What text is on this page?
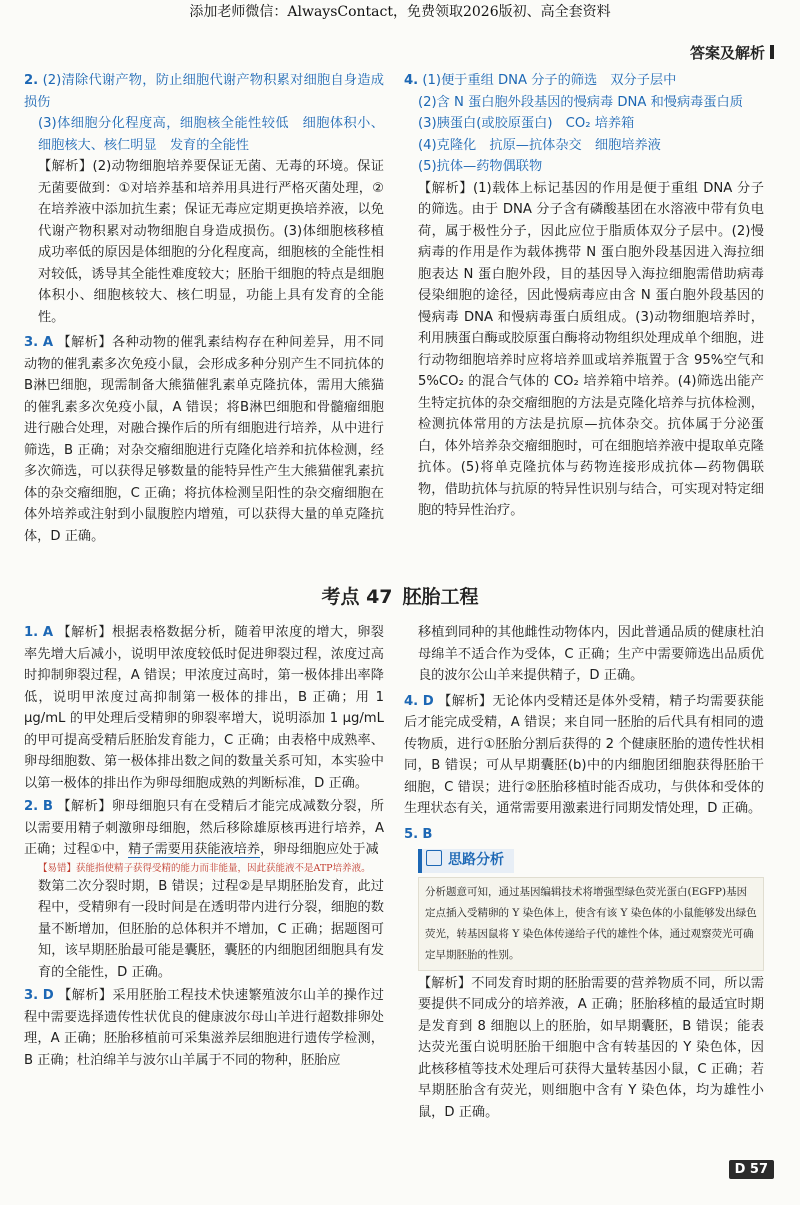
添加老师微信：AlwaysContact，免费领取2026版初、高全套资料
答案及解析

2. (2)清除代谢产物，防止细胞代谢产物积累对细胞自身造成损伤

(3)体细胞分化程度高，细胞核全能性较低　细胞体积小、细胞核大、核仁明显　发育的全能性

【解析】(2)动物细胞培养要保证无菌、无毒的环境。保证无菌要做到：①对培养基和培养用具进行严格灭菌处理，②在培养液中添加抗生素；保证无毒应定期更换培养液，以免代谢产物积累对动物细胞自身造成损伤。(3)体细胞核移植成功率低的原因是体细胞的分化程度高，细胞核的全能性相对较低，诱导其全能性难度较大；胚胎干细胞的特点是细胞体积小、细胞核较大、核仁明显，功能上具有发育的全能性。

3. A 【解析】各种动物的催乳素结构存在种间差异，用不同动物的催乳素多次免疫小鼠，会形成多种分别产生不同抗体的B淋巴细胞，现需制备大熊猫催乳素单克隆抗体，需用大熊猫的催乳素多次免疫小鼠，A 错误；将B淋巴细胞和骨髓瘤细胞进行融合处理，对融合操作后的所有细胞进行培养，从中进行筛选，B 正确；对杂交瘤细胞进行克隆化培养和抗体检测，经多次筛选，可以获得足够数量的能特异性产生大熊猫催乳素抗体的杂交瘤细胞，C 正确；将抗体检测呈阳性的杂交瘤细胞在体外培养或注射到小鼠腹腔内增殖，可以获得大量的单克隆抗体，D 正确。

4. (1)便于重组 DNA 分子的筛选　双分子层中

(2)含 N 蛋白胞外段基因的慢病毒 DNA 和慢病毒蛋白质

(3)胰蛋白(或胶原蛋白)　CO₂ 培养箱

(4)克隆化　抗原—抗体杂交　细胞培养液

(5)抗体—药物偶联物

【解析】(1)载体上标记基因的作用是便于重组 DNA 分子的筛选。由于 DNA 分子含有磷酸基团在水溶液中带有负电荷，属于极性分子，因此应位于脂质体双分子层中。(2)慢病毒的作用是作为载体携带 N 蛋白胞外段基因进入海拉细胞表达 N 蛋白胞外段，目的基因导入海拉细胞需借助病毒侵染细胞的途径，因此慢病毒应由含 N 蛋白胞外段基因的慢病毒 DNA 和慢病毒蛋白质组成。(3)动物细胞培养时，利用胰蛋白酶或胶原蛋白酶将动物组织处理成单个细胞，进行动物细胞培养时应将培养皿或培养瓶置于含 95%空气和 5%CO₂ 的混合气体的 CO₂ 培养箱中培养。(4)筛选出能产生特定抗体的杂交瘤细胞的方法是克隆化培养与抗体检测，检测抗体常用的方法是抗原—抗体杂交。抗体属于分泌蛋白，体外培养杂交瘤细胞时，可在细胞培养液中提取单克隆抗体。(5)将单克隆抗体与药物连接形成抗体—药物偶联物，借助抗体与抗原的特异性识别与结合，可实现对特定细胞的特异性治疗。

考点 47 胚胎工程

1. A 【解析】根据表格数据分析，随着甲浓度的增大，卵裂率先增大后减小，说明甲浓度较低时促进卵裂过程，浓度过高时抑制卵裂过程，A 错误；甲浓度过高时，第一极体排出率降低，说明甲浓度过高抑制第一极体的排出，B 正确；用 1 μg/mL 的甲处理后受精卵的卵裂率增大，说明添加 1 μg/mL 的甲可提高受精后胚胎发育能力，C 正确；由表格中成熟率、卵母细胞数、第一极体排出数之间的数量关系可知，本实验中以第一极体的排出作为卵母细胞成熟的判断标准，D 正确。

2. B 【解析】卵母细胞只有在受精后才能完成减数分裂，所以需要用精子刺激卵母细胞，然后移除雄原核再进行培养，A 正确；过程①中，精子需要用获能液培养，卵母细胞应处于减

【易错】获能指使精子获得受精的能力而非能量，因此获能液不是ATP培养液。

数第二次分裂时期，B 错误；过程②是早期胚胎发育，此过程中，受精卵有一段时间是在透明带内进行分裂，细胞的数量不断增加，但胚胎的总体积并不增加，C 正确；据题图可知，该早期胚胎最可能是囊胚，囊胚的内细胞团细胞具有发育的全能性，D 正确。

3. D 【解析】采用胚胎工程技术快速繁殖波尔山羊的操作过程中需要选择遗传性状优良的健康波尔母山羊进行超数排卵处理，A 正确；胚胎移植前可采集滋养层细胞进行遗传学检测，B 正确；杜泊绵羊与波尔山羊属于不同的物种，胚胎应

移植到同种的其他雌性动物体内，因此普通品质的健康杜泊母绵羊不适合作为受体，C 正确；生产中需要筛选出品质优良的波尔公山羊来提供精子，D 正确。

4. D 【解析】无论体内受精还是体外受精，精子均需要获能后才能完成受精，A 错误；来自同一胚胎的后代具有相同的遗传物质，进行①胚胎分割后获得的 2 个健康胚胎的遗传性状相同，B 错误；可从早期囊胚(b)中的内细胞团细胞获得胚胎干细胞，C 错误；进行②胚胎移植时能否成功，与供体和受体的生理状态有关，通常需要用激素进行同期发情处理，D 正确。

5. B

思路分析
分析题意可知，通过基因编辑技术将增强型绿色荧光蛋白(EGFP)基因定点插入受精卵的 Y 染色体上，使含有该 Y 染色体的小鼠能够发出绿色荧光，转基因鼠将 Y 染色体传递给子代的雄性个体，通过观察荧光可确定早期胚胎的性别。

【解析】不同发育时期的胚胎需要的营养物质不同，所以需要提供不同成分的培养液，A 正确；胚胎移植的最适宜时期是发育到 8 细胞以上的胚胎，如早期囊胚，B 错误；能表达荧光蛋白说明胚胎干细胞中含有转基因的 Y 染色体，因此核移植等技术处理后可获得大量转基因小鼠，C 正确；若早期胚胎含有荧光，则细胞中含有 Y 染色体，均为雄性小鼠，D 正确。

D 57
